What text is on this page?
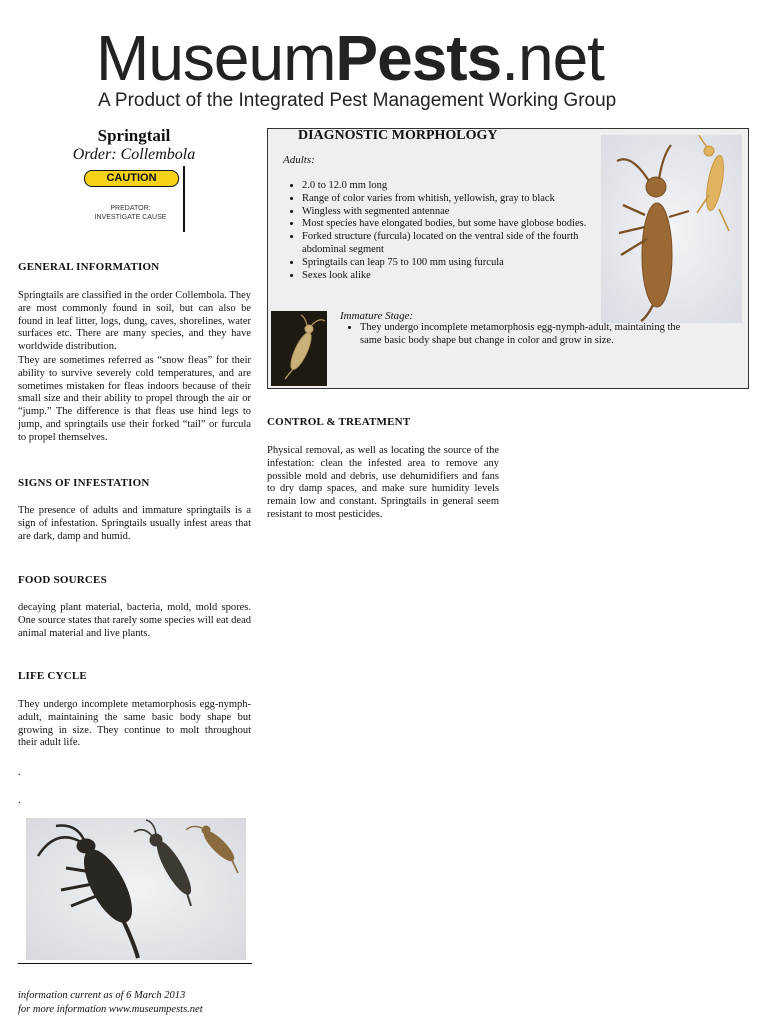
MuseumPests.net
A Product of the Integrated Pest Management Working Group
Springtail
Order: Collembola
CAUTION
PREDATOR:
INVESTIGATE CAUSE
GENERAL INFORMATION
Springtails are classified in the order Collembola. They are most commonly found in soil, but can also be found in leaf litter, logs, dung, caves, shorelines, water surfaces etc. There are many species, and they have worldwide distribution.
They are sometimes referred as “snow fleas” for their ability to survive severely cold temperatures, and are sometimes mistaken for fleas indoors because of their small size and their ability to propel through the air or “jump.” The difference is that fleas use hind legs to jump, and springtails use their forked “tail” or furcula to propel themselves.
SIGNS OF INFESTATION
The presence of adults and immature springtails is a sign of infestation. Springtails usually infest areas that are dark, damp and humid.
FOOD SOURCES
decaying plant material, bacteria, mold, mold spores. One source states that rarely some species will eat dead animal material and live plants.
LIFE CYCLE
They undergo incomplete metamorphosis egg-nymph-adult, maintaining the same basic body shape but growing in size. They continue to molt throughout their adult life.
.
.
information current as of 6 March 2013
for more information www.museumpests.net
DIAGNOSTIC MORPHOLOGY
Adults:
• 2.0 to 12.0 mm long
• Range of color varies from whitish, yellowish, gray to black
• Wingless with segmented antennae
• Most species have elongated bodies, but some have globose bodies.
• Forked structure (furcula) located on the ventral side of the fourth abdominal segment
• Springtails can leap 75 to 100 mm using furcula
• Sexes look alike
Immature Stage:
• They undergo incomplete metamorphosis egg-nymph-adult, maintaining the same basic body shape but change in color and grow in size.
CONTROL & TREATMENT
Physical removal, as well as locating the source of the infestation: clean the infested area to remove any possible mold and debris, use dehumidifiers and fans to dry damp spaces, and make sure humidity levels remain low and constant. Springtails in general seem resistant to most pesticides.
